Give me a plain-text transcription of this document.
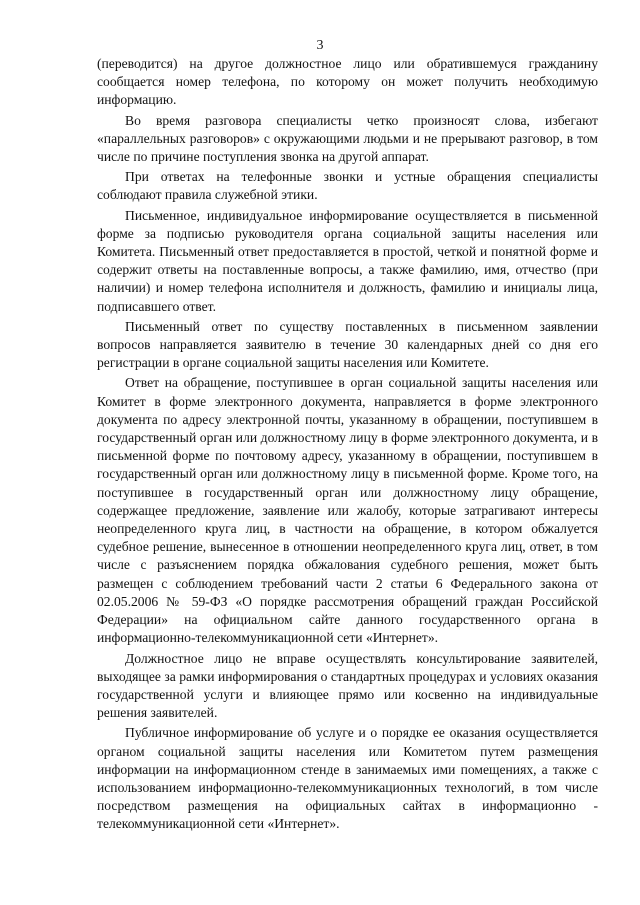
3

(переводится) на другое должностное лицо или обратившемуся гражданину сообщается номер телефона, по которому он может получить необходимую информацию.

Во время разговора специалисты четко произносят слова, избегают «параллельных разговоров» с окружающими людьми и не прерывают разговор, в том числе по причине поступления звонка на другой аппарат.

При ответах на телефонные звонки и устные обращения специалисты соблюдают правила служебной этики.

Письменное, индивидуальное информирование осуществляется в письменной форме за подписью руководителя органа социальной защиты населения или Комитета. Письменный ответ предоставляется в простой, четкой и понятной форме и содержит ответы на поставленные вопросы, а также фамилию, имя, отчество (при наличии) и номер телефона исполнителя и должность, фамилию и инициалы лица, подписавшего ответ.

Письменный ответ по существу поставленных в письменном заявлении вопросов направляется заявителю в течение 30 календарных дней со дня его регистрации в органе социальной защиты населения или Комитете.

Ответ на обращение, поступившее в орган социальной защиты населения или Комитет в форме электронного документа, направляется в форме электронного документа по адресу электронной почты, указанному в обращении, поступившем в государственный орган или должностному лицу в форме электронного документа, и в письменной форме по почтовому адресу, указанному в обращении, поступившем в государственный орган или должностному лицу в письменной форме. Кроме того, на поступившее в государственный орган или должностному лицу обращение, содержащее предложение, заявление или жалобу, которые затрагивают интересы неопределенного круга лиц, в частности на обращение, в котором обжалуется судебное решение, вынесенное в отношении неопределенного круга лиц, ответ, в том числе с разъяснением порядка обжалования судебного решения, может быть размещен с соблюдением требований части 2 статьи 6 Федерального закона от 02.05.2006 № 59-ФЗ «О порядке рассмотрения обращений граждан Российской Федерации» на официальном сайте данного государственного органа в информационно-телекоммуникационной сети «Интернет».

Должностное лицо не вправе осуществлять консультирование заявителей, выходящее за рамки информирования о стандартных процедурах и условиях оказания государственной услуги и влияющее прямо или косвенно на индивидуальные решения заявителей.

Публичное информирование об услуге и о порядке ее оказания осуществляется органом социальной защиты населения или Комитетом путем размещения информации на информационном стенде в занимаемых ими помещениях, а также с использованием информационно-телекоммуникационных технологий, в том числе посредством размещения на официальных сайтах в информационно - телекоммуникационной сети «Интернет».
